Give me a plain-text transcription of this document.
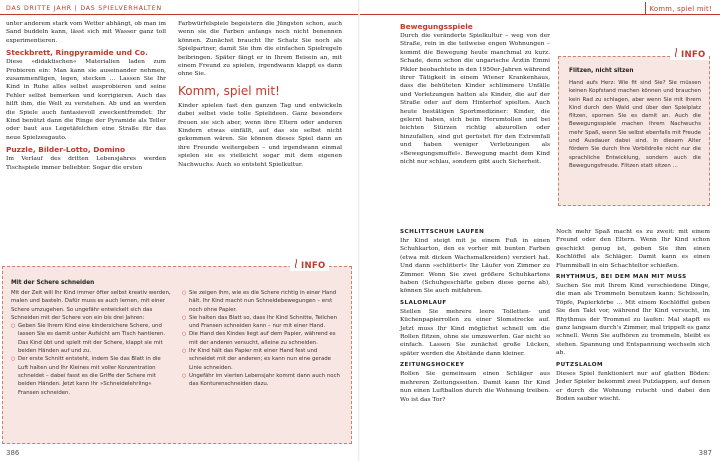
DAS DRITTE JAHR | DAS SPIELVERHALTEN

unter anderem stark vom Wetter abhängt, ob man im Sand buddeln kann, lässt sich mit Wasser ganz toll experimentieren.

Steckbrett, Ringpyramide und Co.

Diese »didaktischen« Materialien laden zum Probieren ein: Man kann sie auseinander nehmen, zusammenfügen, legen, stecken … Lassen Sie Ihr Kind in Ruhe alles selbst ausprobieren und seine Fehler selbst bemerken und korrigieren. Auch das hilft ihm, die Welt zu verstehen. Ab und an werden die Spiele auch fantasievoll zweckentfremdet: Ihr Kind benützt dann die Ringe der Pyramide als Teller oder baut aus Legetäfelchen eine Straße für das neue Spielzeugauto.

Puzzle, Bilder-Lotto, Domino

Im Verlauf des dritten Lebensjahres werden Tischspiele immer beliebter. Sogar die ersten

Farbwürfelspiele begeistern die Jüngsten schon, auch wenn sie die Farben anfangs noch nicht benennen können. Zunächst braucht Ihr Schatz Sie noch als Spielpartner, damit Sie ihm die einfachen Spielregeln beibringen. Später fängt er in Ihrem Beisein an, mit einem Freund zu spielen, irgendwann klappt es dann ohne Sie.

Komm, spiel mit!

Kinder spielen fast den ganzen Tag und entwickeln dabei selbst viele tolle Spielideen. Ganz besonders freuen sie sich aber, wenn ihre Eltern oder anderen Kindern etwas einfällt, auf das sie selbst nicht gekommen wären. Sie können dieses Spiel dann an ihre Freunde weitergeben – und irgendwann einmal spielen sie es vielleicht sogar mit dem eigenen Nachwuchs. Auch so entsteht Spielkultur.

Mit der Schere schneiden

Mit der Zeit will Ihr Kind immer öfter selbst kreativ werden, malen und basteln. Dafür muss es auch lernen, mit einer Schere umzugehen. So ungefähr entwickelt sich das Schneiden mit der Schere von ein bis drei Jahren:

○ Geben Sie Ihrem Kind eine kindersichere Schere, und lassen Sie es damit unter Aufsicht am Tisch hantieren. Das Kind übt und spielt mit der Schere, klappt sie mit beiden Händen auf und zu.
○ Der erste Schnitt entsteht, indem Sie das Blatt in die Luft halten und Ihr Kleines mit voller Konzentration schneidet – dabei fasst es die Griffe der Schere mit beiden Händen. Jetzt kann Ihr »Schneidelehrling« Fransen schneiden.
○ Sie zeigen ihm, wie es die Schere richtig in einer Hand hält. Ihr Kind macht nun Schneidebewegungen – erst noch ohne Papier.
○ Sie halten das Blatt so, dass Ihr Kind Schnitte, Teilchen und Fransen schneiden kann – nur mit einer Hand.
○ Die Hand des Kindes liegt auf dem Papier, während es mit der anderen versucht, alleine zu schneiden.
○ Ihr Kind hält das Papier mit einer Hand fest und schneidet mit der anderen; es kann nun eine gerade Linie schneiden.
○ Ungefähr im vierten Lebensjahr kommt dann auch noch das Konturenschneiden dazu.
INFO
386
Komm, spiel mit!
Bewegungsspiele

Durch die veränderte Spielkultur – weg von der Straße, rein in die teilweise engen Wohnungen – kommt die Bewegung heute manchmal zu kurz. Schade, denn schon die ungarische Ärztin Emmi Pikler beobachtete in den 1950er-Jahren während ihrer Tätigkeit in einem Wiener Krankenhaus, dass die behüteten Kinder schlimmere Unfälle und Verletzungen hatten als Kinder, die auf der Straße oder auf dem Hinterhof spielten. Auch heute bestätigen Sportmediziner: Kinder, die gelernt haben, sich beim Herumtollen und bei leichten Stürzen richtig abzurollen oder hinzufallen, sind gut gerüstet für den Extremfall und haben weniger Verletzungen als »Bewegungsmuffel«. Bewegung macht dem Kind nicht nur schlau, sondern gibt auch Sicherheit.

Flitzen, nicht sitzen

Hand aufs Herz: Wie fit sind Sie? Sie müssen keinen Kopfstand machen können und brauchen kein Rad zu schlagen, aber wenn Sie mit Ihrem Kind durch den Wald und über den Spielplatz flitzen, spornen Sie es damit an. Auch die Bewegungsspiele machen Ihrem Nachwuchs mehr Spaß, wenn Sie selbst ebenfalls mit Freude und Ausdauer dabei sind. In diesem Alter fördern Sie durch Ihre Vorbildrolle nicht nur die sprachliche Entwicklung, sondern auch die Bewegungsfreude. Flitzen statt sitzen …

INFO
SCHLITTSCHUH LAUFEN

Ihr Kind steigt mit je einem Fuß in einen Schuhkarton, den es vorher mit bunten Farben (etwa mit dicken Wachsmalkreiden) verziert hat. Und dann »schlittert« Ihr Läufer von Zimmer zu Zimmer. Wenn Sie zwei größere Schuhkartons haben (Schuhgeschäfte geben diese gerne ab), können Sie auch mitfahren.

SLALOMLAUF

Stellen Sie mehrere leere Toiletten- und Küchenpapierrollen zu einer Slomstrecke auf. Jetzt muss Ihr Kind möglichst schnell um die Rollen flitzen, ohne sie umzuwerfen. Gar nicht so einfach. Lassen Sie zunächst große Lücken, später werden die Abstände dann kleiner.

ZEITUNGSHOCKEY

Rollen Sie gemeinsam einen Schläger aus mehreren Zeitungsseiten. Damit kann Ihr Kind nun einen Luftballon durch die Wohnung treiben. Wo ist das Tor?

Noch mehr Spaß macht es zu zweit: mit einem Freund oder den Eltern. Wenn Ihr Kind schon geschickt genug ist, geben Sie ihm einen Kochlöffel als Schläger. Damit kann es einen Flummiball in ein Schachteltor schießen.

RHYTHMUS, BEI DEM MAN MIT MUSS

Suchen Sie mit Ihrem Kind verschiedene Dinge, die man als Trommeln benutzen kann: Schüsseln, Töpfe, Papierkörbe … Mit einem Kochlöffel geben Sie den Takt vor, während Ihr Kind versucht, im Rhythmus der Trommel zu laufen: Mal stapft es ganz langsam durch's Zimmer, mal trippelt es ganz schnell. Wenn Sie aufhören zu trommeln, bleibt es stehen. Spannung und Entspannung wechseln sich ab.

PUTZSLALOM

Dieses Spiel funktioniert nur auf glatten Böden: Jeder Spieler bekommt zwei Putzlappen, auf denen er durch die Wohnung rutscht und dabei den Boden sauber wischt.

387
